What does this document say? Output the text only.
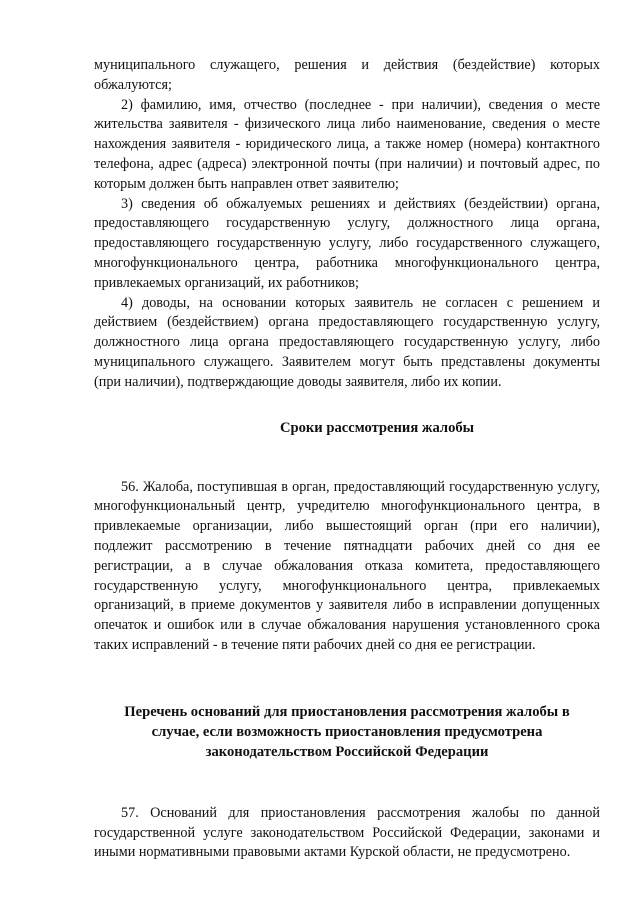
муниципального служащего, решения и действия (бездействие) которых обжалуются;

2) фамилию, имя, отчество (последнее - при наличии), сведения о месте жительства заявителя - физического лица либо наименование, сведения о месте нахождения заявителя - юридического лица, а также номер (номера) контактного телефона, адрес (адреса) электронной почты (при наличии) и почтовый адрес, по которым должен быть направлен ответ заявителю;

3) сведения об обжалуемых решениях и действиях (бездействии) органа, предоставляющего государственную услугу, должностного лица органа, предоставляющего государственную услугу, либо государственного служащего, многофункционального центра, работника многофункционального центра, привлекаемых организаций, их работников;

4) доводы, на основании которых заявитель не согласен с решением и действием (бездействием) органа предоставляющего государственную услугу, должностного лица органа предоставляющего государственную услугу, либо муниципального служащего. Заявителем могут быть представлены документы (при наличии), подтверждающие доводы заявителя, либо их копии.

Сроки рассмотрения жалобы

56. Жалоба, поступившая в орган, предоставляющий государственную услугу, многофункциональный центр, учредителю многофункционального центра, в привлекаемые организации, либо вышестоящий орган (при его наличии), подлежит рассмотрению в течение пятнадцати рабочих дней со дня ее регистрации, а в случае обжалования отказа комитета, предоставляющего государственную услугу, многофункционального центра, привлекаемых организаций, в приеме документов у заявителя либо в исправлении допущенных опечаток и ошибок или в случае обжалования нарушения установленного срока таких исправлений - в течение пяти рабочих дней со дня ее регистрации.

Перечень оснований для приостановления рассмотрения жалобы в
случае, если возможность приостановления предусмотрена
законодательством Российской Федерации

57. Оснований для приостановления рассмотрения жалобы по данной государственной услуге законодательством Российской Федерации, законами и иными нормативными правовыми актами Курской области, не предусмотрено.
